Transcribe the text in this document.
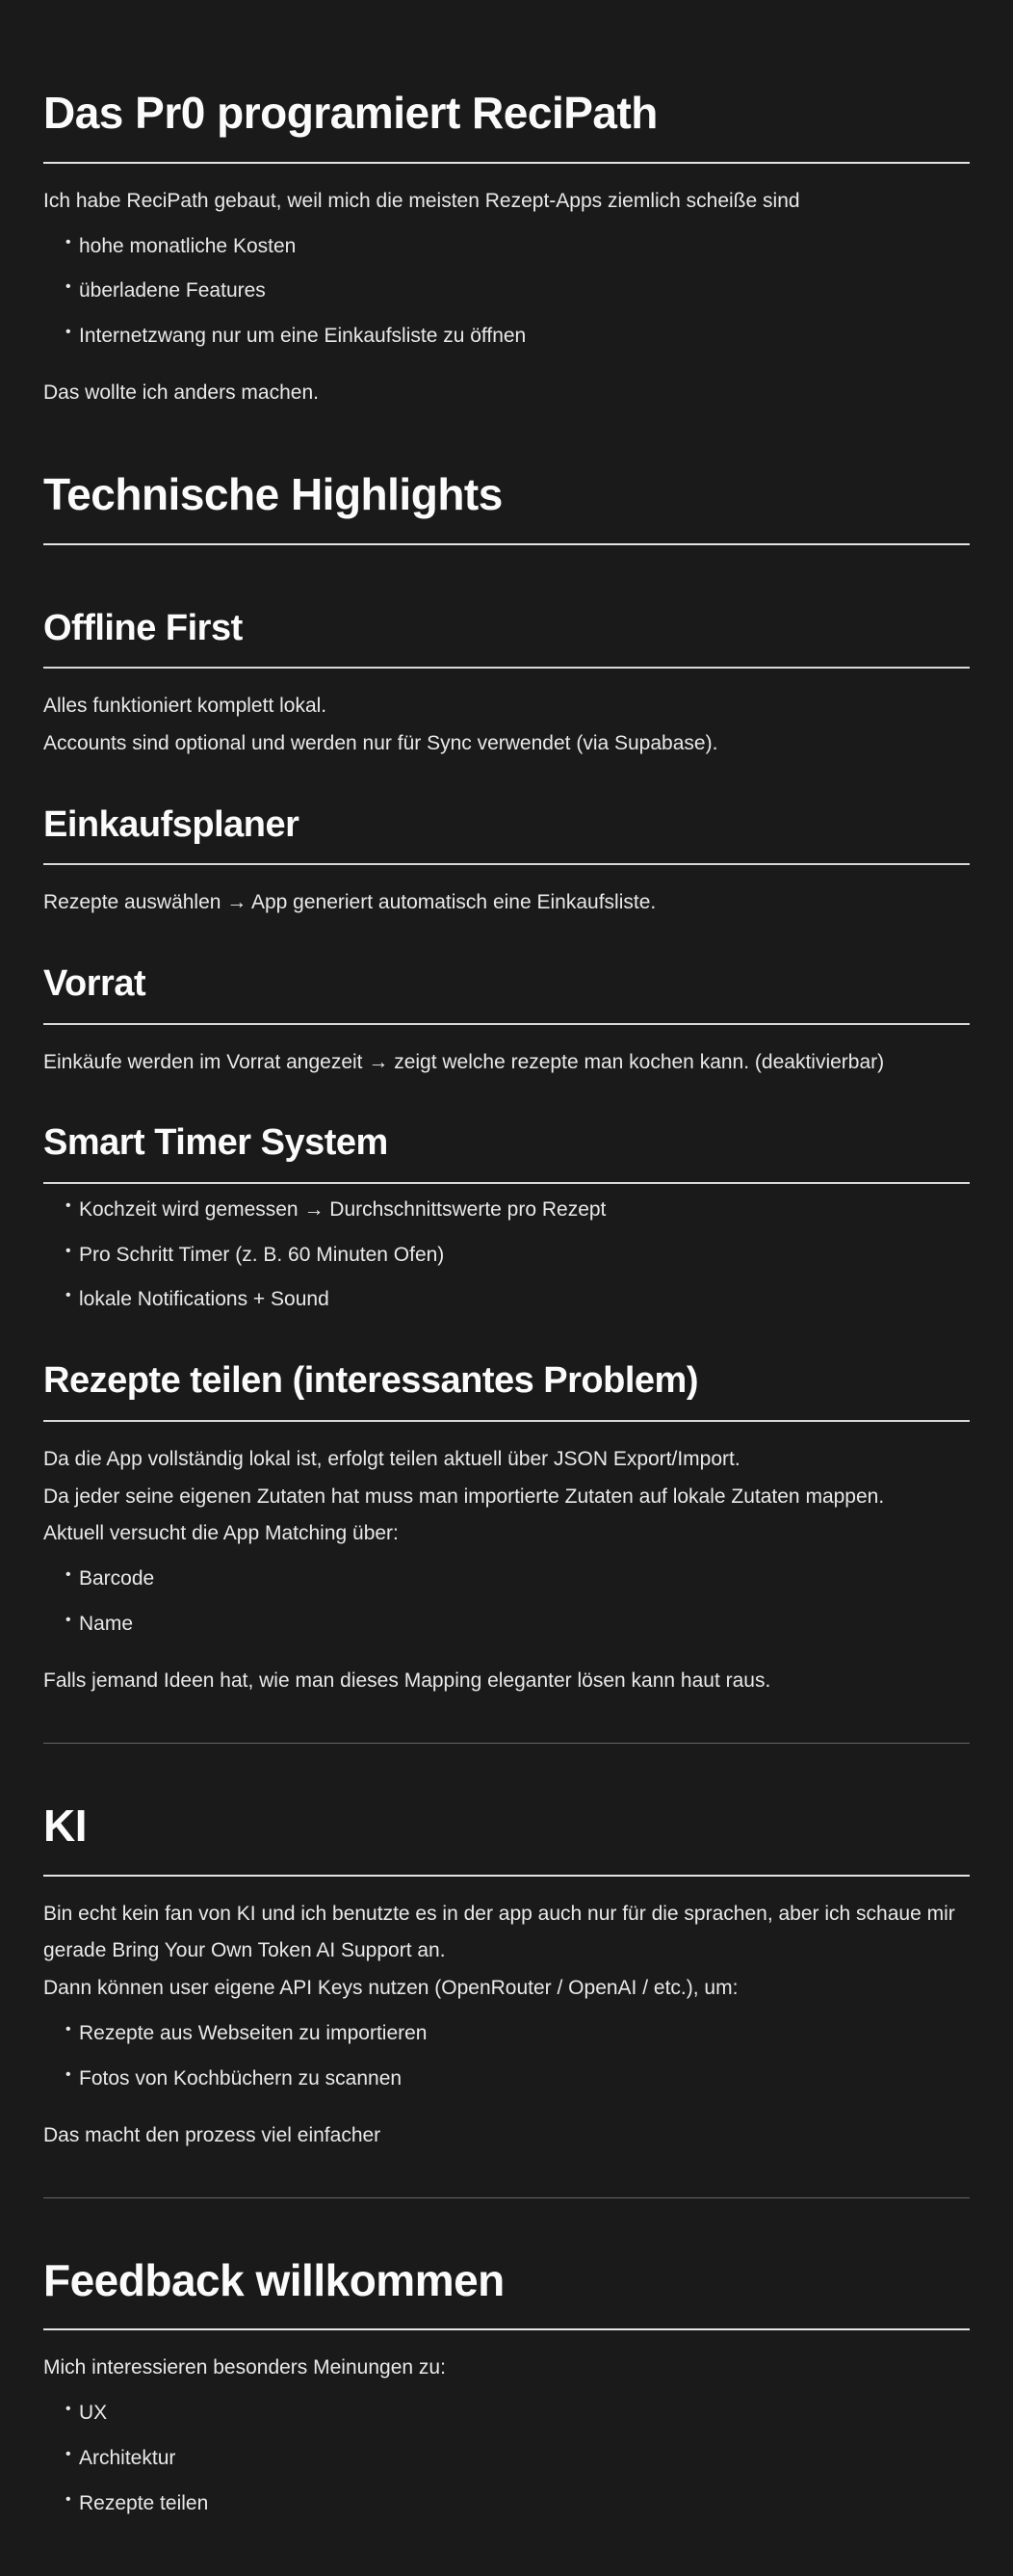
Das Pr0 programiert ReciPath

Ich habe ReciPath gebaut, weil mich die meisten Rezept-Apps ziemlich scheiße sind

• hohe monatliche Kosten
• überladene Features
• Internetzwang nur um eine Einkaufsliste zu öffnen

Das wollte ich anders machen.

Technische Highlights
Offline First

Alles funktioniert komplett lokal.
Accounts sind optional und werden nur für Sync verwendet (via Supabase).

Einkaufsplaner

Rezepte auswählen → App generiert automatisch eine Einkaufsliste.

Vorrat

Einkäufe werden im Vorrat angezeit → zeigt welche rezepte man kochen kann. (deaktivierbar)

Smart Timer System
• Kochzeit wird gemessen → Durchschnittswerte pro Rezept
• Pro Schritt Timer (z. B. 60 Minuten Ofen)
• lokale Notifications + Sound
Rezepte teilen (interessantes Problem)

Da die App vollständig lokal ist, erfolgt teilen aktuell über JSON Export/Import.
Da jeder seine eigenen Zutaten hat muss man importierte Zutaten auf lokale Zutaten mappen.
Aktuell versucht die App Matching über:

• Barcode
• Name

Falls jemand Ideen hat, wie man dieses Mapping eleganter lösen kann haut raus.

KI

Bin echt kein fan von KI und ich benutzte es in der app auch nur für die sprachen, aber ich schaue mir gerade Bring Your Own Token AI Support an.
Dann können user eigene API Keys nutzen (OpenRouter / OpenAI / etc.), um:

• Rezepte aus Webseiten zu importieren
• Fotos von Kochbüchern zu scannen

Das macht den prozess viel einfacher

Feedback willkommen

Mich interessieren besonders Meinungen zu:

• UX
• Architektur
• Rezepte teilen
